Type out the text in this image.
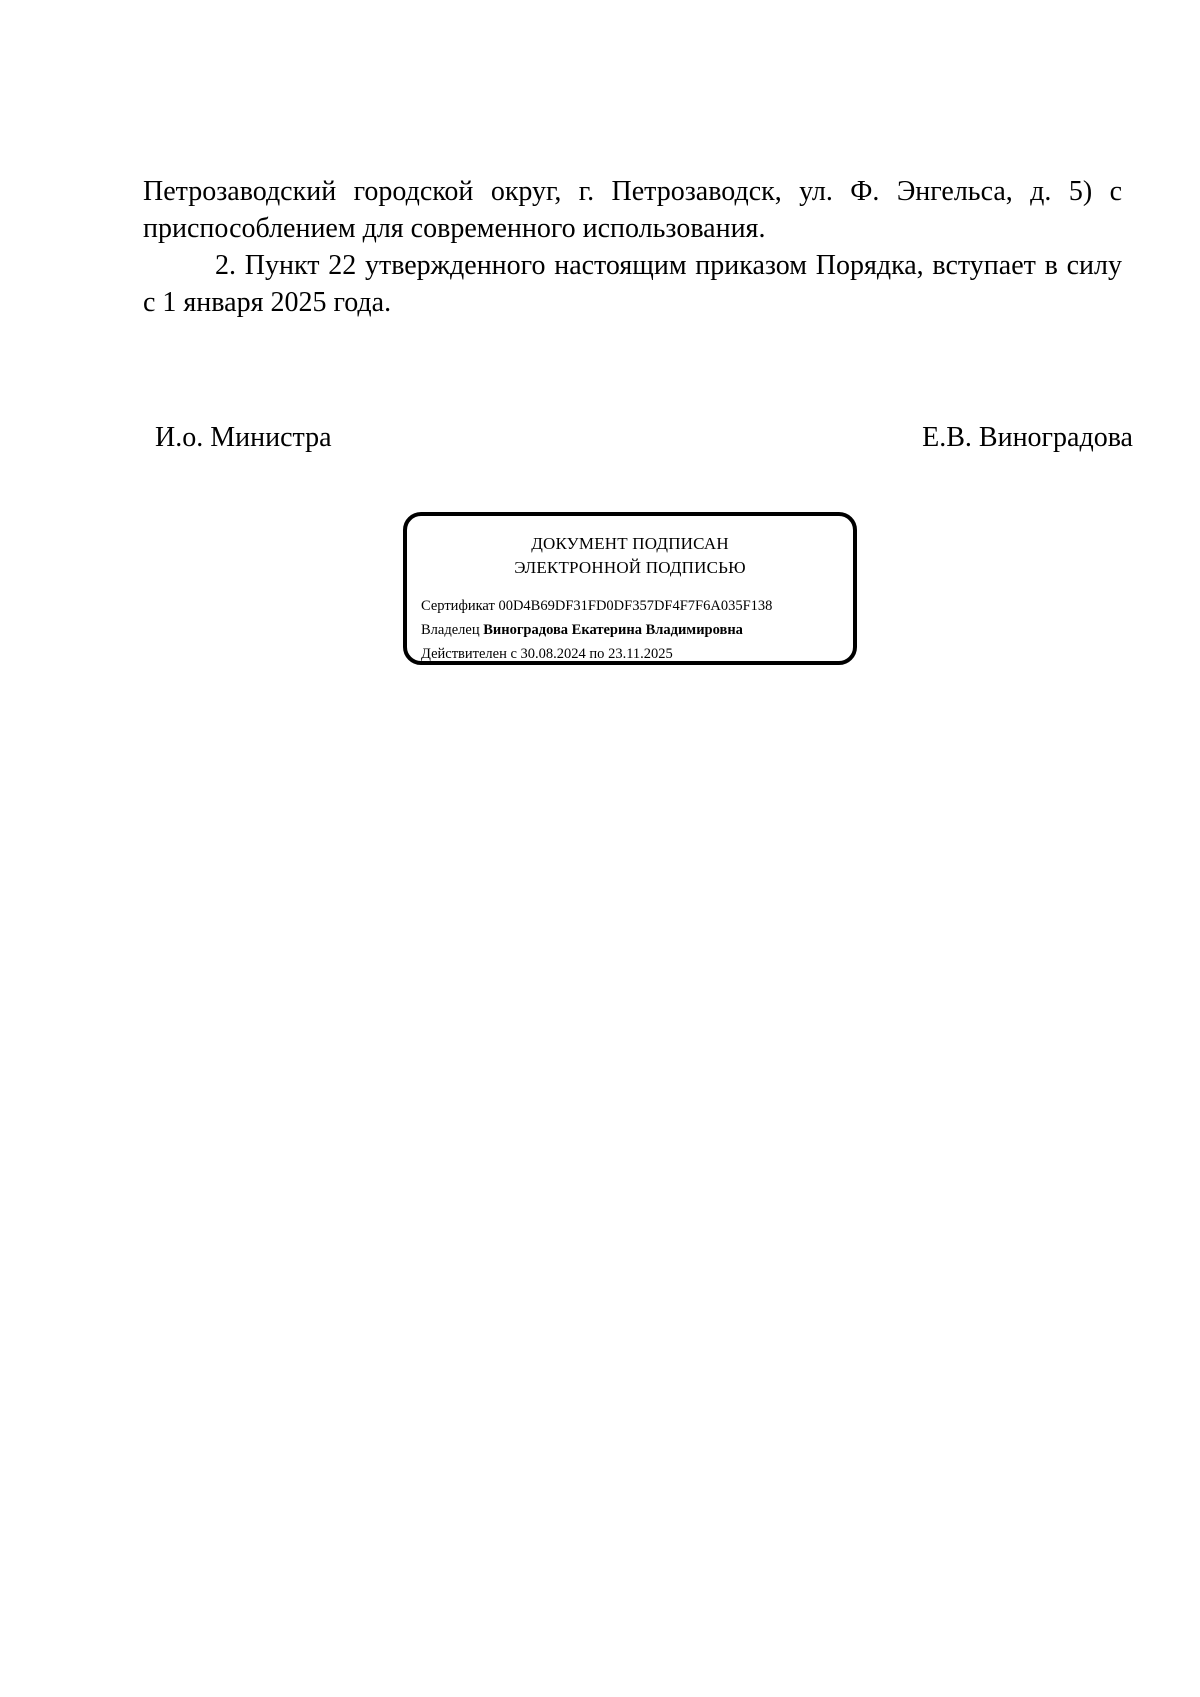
Петрозаводский городской округ, г. Петрозаводск, ул. Ф. Энгельса, д. 5) с приспособлением для современного использования.

2. Пункт 22 утвержденного настоящим приказом Порядка, вступает в силу с 1 января 2025 года.

И.о. Министра	Е.В. Виноградова
ДОКУМЕНТ ПОДПИСАН
ЭЛЕКТРОННОЙ ПОДПИСЬЮ
Сертификат 00D4B69DF31FD0DF357DF4F7F6A035F138
Владелец Виноградова Екатерина Владимировна
Действителен с 30.08.2024 по 23.11.2025
